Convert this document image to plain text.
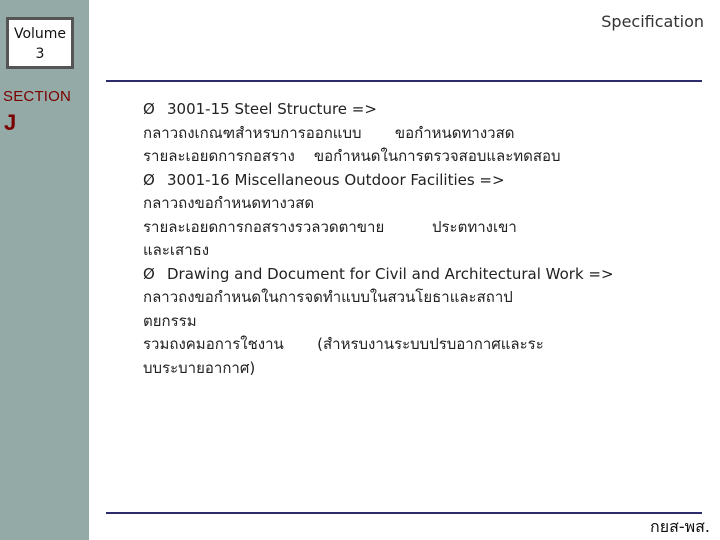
Volume
3
SECTION
J
Specification
Ø 3001-15 Steel Structure =>
กลาวถงเกณฑสำหรบการออกแบบ       ขอกำหนดทางวสด
รายละเอยดการกอสราง    ขอกำหนดในการตรวจสอบและทดสอบ
Ø 3001-16 Miscellaneous Outdoor Facilities =>
กลาวถงขอกำหนดทางวสด
รายละเอยดการกอสรางรวลวดตาขาย          ประตทางเขา
และเสาธง
Ø Drawing and Document for Civil and Architectural Work =>
กลาวถงขอกำหนดในการจดทำแบบในสวนโยธาและสถาป
ตยกรรม
รวมถงคมอการใชงาน       (สำหรบงานระบบปรบอากาศและระ
บบระบายอากาศ)
กยส-พส.
